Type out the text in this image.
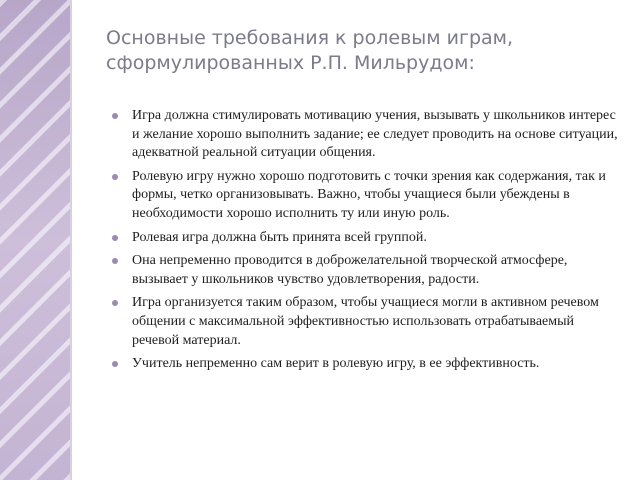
Основные требования к ролевым играм,
сформулированных Р.П. Мильрудом:
Игра должна стимулировать мотивацию учения, вызывать у школьников интерес и желание хорошо выполнить задание; ее следует проводить на основе ситуации, адекватной реальной ситуации общения.
Ролевую игру нужно хорошо подготовить с точки зрения как содержания, так и формы, четко организовывать. Важно, чтобы учащиеся были убеждены в необходимости хорошо исполнить ту или иную роль.
Ролевая игра должна быть принята всей группой.
Она непременно проводится в доброжелательной творческой атмосфере, вызывает у школьников чувство удовлетворения, радости.
Игра организуется таким образом, чтобы учащиеся могли в активном речевом общении с максимальной эффективностью использовать отрабатываемый речевой материал.
Учитель непременно сам верит в ролевую игру, в ее эффективность.
